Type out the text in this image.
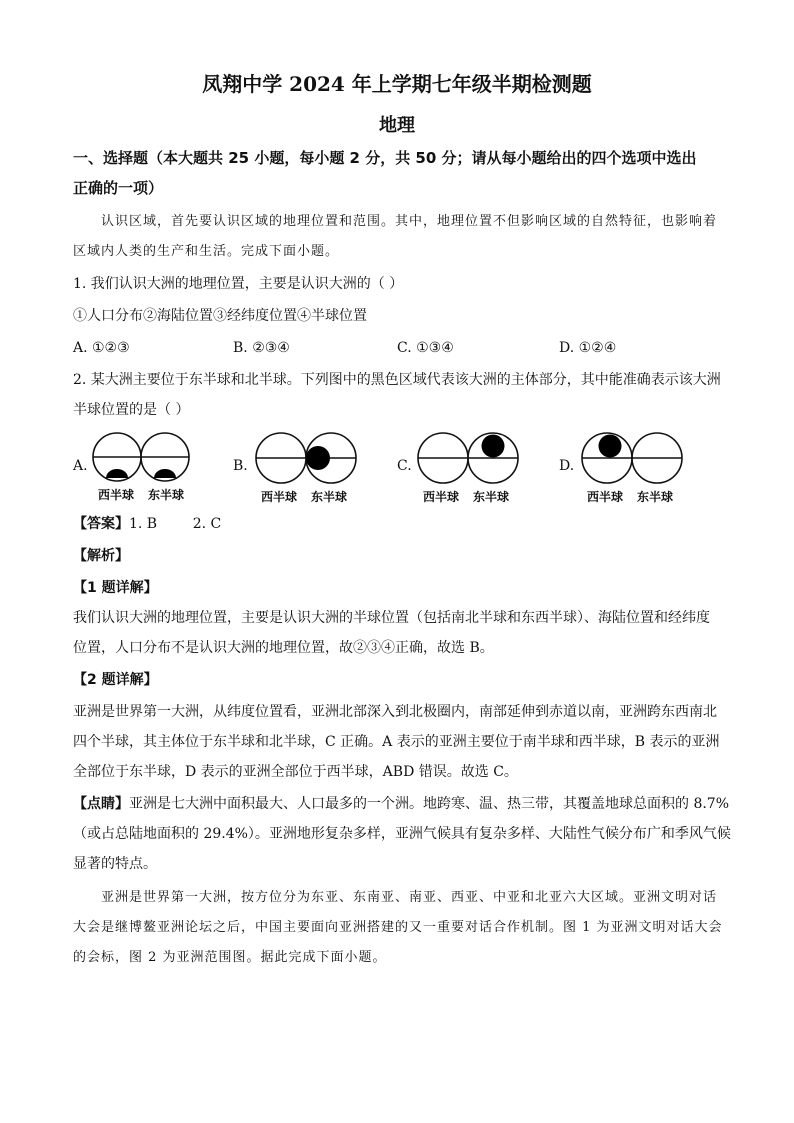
凤翔中学 2024 年上学期七年级半期检测题
地理
一、选择题（本大题共 25 小题，每小题 2 分，共 50 分；请从每小题给出的四个选项中选出
正确的一项）
认识区域，首先要认识区域的地理位置和范围。其中，地理位置不但影响区域的自然特征，也影响着
区域内人类的生产和生活。完成下面小题。
1. 我们认识大洲的地理位置，主要是认识大洲的（ ）
①人口分布②海陆位置③经纬度位置④半球位置
A. ①②③	B. ②③④	C. ①③④	D. ①②④
2. 某大洲主要位于东半球和北半球。下列图中的黑色区域代表该大洲的主体部分，其中能准确表示该大洲
半球位置的是（ ）
A.
西半球 东半球
B.
西半球 东半球
C.
西半球 东半球
D.
西半球 东半球
【答案】1. B        2. C
【解析】
【1 题详解】
我们认识大洲的地理位置，主要是认识大洲的半球位置（包括南北半球和东西半球）、海陆位置和经纬度
位置，人口分布不是认识大洲的地理位置，故②③④正确，故选 B。
【2 题详解】
亚洲是世界第一大洲，从纬度位置看，亚洲北部深入到北极圈内，南部延伸到赤道以南，亚洲跨东西南北
四个半球，其主体位于东半球和北半球，C 正确。A 表示的亚洲主要位于南半球和西半球，B 表示的亚洲
全部位于东半球，D 表示的亚洲全部位于西半球，ABD 错误。故选 C。
【点睛】亚洲是七大洲中面积最大、人口最多的一个洲。地跨寒、温、热三带，其覆盖地球总面积的 8.7%
（或占总陆地面积的 29.4%）。亚洲地形复杂多样，亚洲气候具有复杂多样、大陆性气候分布广和季风气候
显著的特点。
亚洲是世界第一大洲，按方位分为东亚、东南亚、南亚、西亚、中亚和北亚六大区域。亚洲文明对话
大会是继博鳌亚洲论坛之后，中国主要面向亚洲搭建的又一重要对话合作机制。图 1 为亚洲文明对话大会
的会标，图 2 为亚洲范围图。据此完成下面小题。
